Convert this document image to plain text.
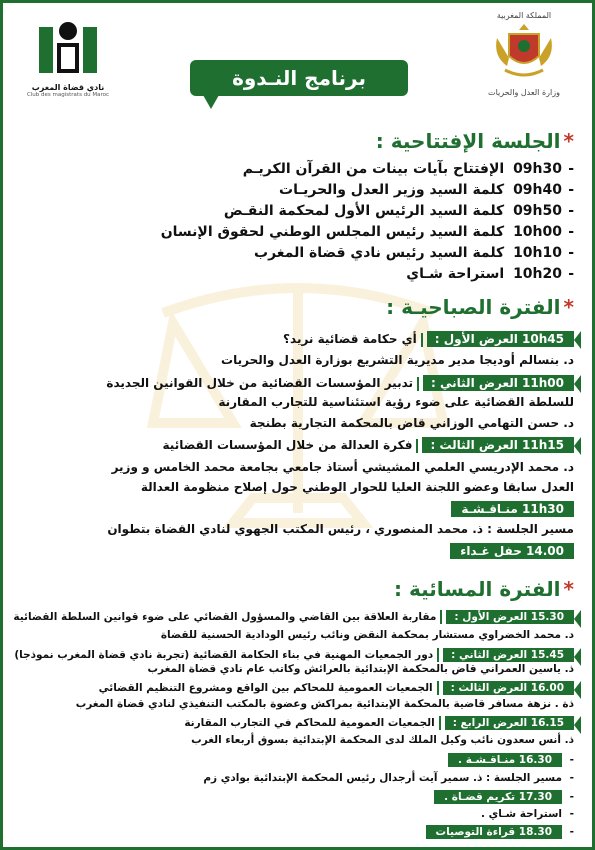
المملكة المغربية
وزارة العدل والحريات
نادي قضاة المغرب
Club des magistrats du Maroc
برنامج النـدوة
*الجلسة الإفتتاحية :
-09h30 الإفتتاح بآيات بينات من القرآن الكريـم
-09h40 كلمة السيد وزير العدل والحريـات
-09h50 كلمة السيد الرئيس الأول لمحكمة النقـض
-10h00 كلمة السيد رئيس المجلس الوطني لحقوق الإنسان
-10h10 كلمة السيد رئيس نادي قضاة المغرب
-10h20 استراحة شـاي
*الفترة الصباحيـة :
10h45 العرض الأول :أي حكامة قضائية نريد؟
د. بنسالم أوديجا مدير مديرية التشريع بوزارة العدل والحريات
11h00 العرض الثاني :تدبير المؤسسات القضائية من خلال القوانين الجديدة
للسلطة القضائية على ضوء رؤية استئناسية للتجارب المقارنة
د. حسن التهامي الوزاني قاض بالمحكمة التجارية بطنجة
11h15 العرض الثالث :فكرة العدالة من خلال المؤسسات القضائية
د. محمد الإدريسي العلمي المشيشي أستاذ جامعي بجامعة محمد الخامس و وزير
العدل سابقا وعضو اللجنة العليا للحوار الوطني حول إصلاح منظومة العدالة
11h30 منـاقـشـة
مسير الجلسة : ذ. محمد المنصوري ، رئيس المكتب الجهوي لنادي القضاة بتطوان
14.00 حفل غـداء
*الفترة المسائية :
15.30 العرض الأول :مقاربة العلاقة بين القاضي والمسؤول القضائي على ضوء قوانين السلطة القضائية
د. محمد الخضراوي مستشار بمحكمة النقض ونائب رئيس الودادية الحسنية للقضاة
15.45 العرض الثاني :دور الجمعيات المهنية في بناء الحكامة القضائية (تجربة نادي قضاة المغرب نموذجا)
ذ. ياسين العمراني قاض بالمحكمة الإبتدائية بالعرائش وكاتب عام نادي قضاة المغرب
16.00 العرض الثالث :الجمعيات العمومية للمحاكم بين الواقع ومشروع التنظيم القضائي
ذة . نزهة مسافر قاضية بالمحكمة الإبتدائية بمراكش وعضوة بالمكتب التنفيذي لنادي قضاة المغرب
16.15 العرض الرابع :الجمعيات العمومية للمحاكم في التجارب المقارنة
ذ. أنس سعدون نائب وكيل الملك لدى المحكمة الإبتدائية بسوق أربعاء الغرب
-16.30 منـاقـشـة .
-مسير الجلسة : ذ. سمير آيت أرجدال رئيس المحكمة الإبتدائية بوادي زم
-17.30 تكريم قضـاة .
-استراحة شـاي .
-18.30 قراءة التوصيات
